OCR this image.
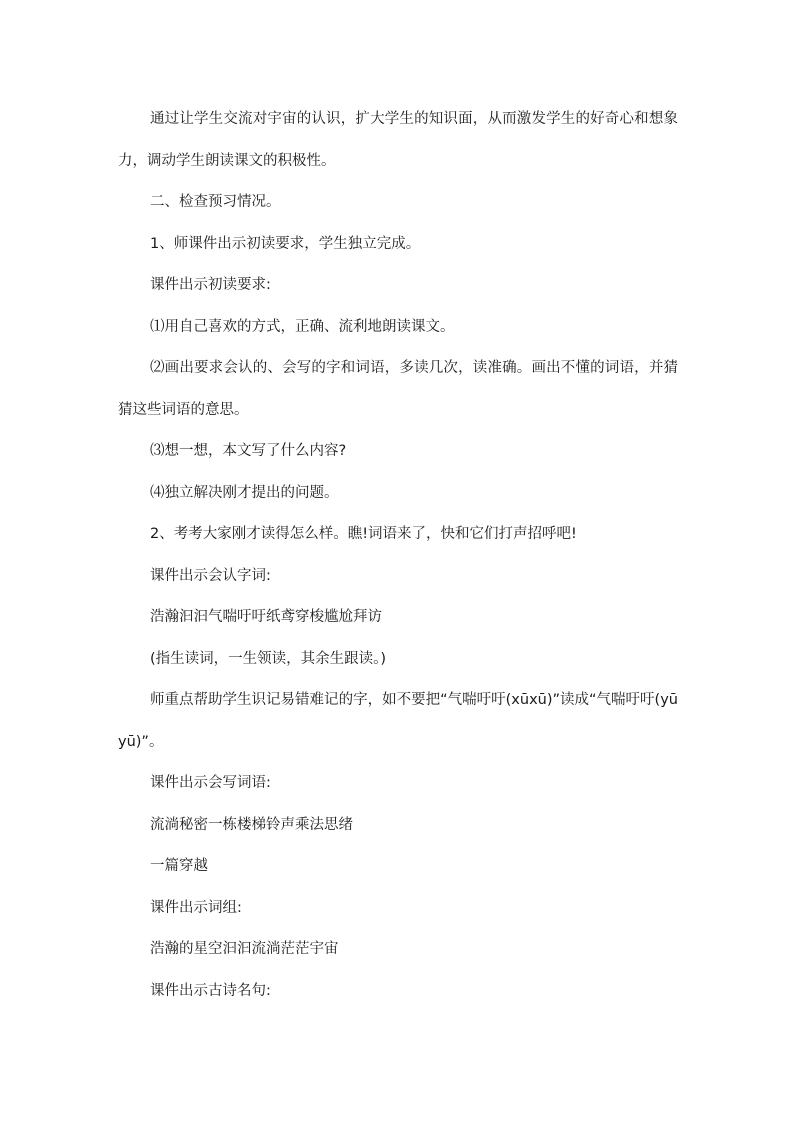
通过让学生交流对宇宙的认识，扩大学生的知识面，从而激发学生的好奇心和想象力，调动学生朗读课文的积极性。

二、检查预习情况。

1、师课件出示初读要求，学生独立完成。

课件出示初读要求:

⑴用自己喜欢的方式，正确、流利地朗读课文。

⑵画出要求会认的、会写的字和词语，多读几次，读准确。画出不懂的词语，并猜猜这些词语的意思。

⑶想一想，本文写了什么内容?

⑷独立解决刚才提出的问题。

2、考考大家刚才读得怎么样。瞧!词语来了，快和它们打声招呼吧!

课件出示会认字词:

浩瀚汩汩气喘吁吁纸鸢穿梭尴尬拜访

(指生读词，一生领读，其余生跟读。)

师重点帮助学生识记易错难记的字，如不要把“气喘吁吁(xūxū)”读成“气喘吁吁(yūyū)”。

课件出示会写词语:

流淌秘密一栋楼梯铃声乘法思绪

一篇穿越

课件出示词组:

浩瀚的星空汩汩流淌茫茫宇宙

课件出示古诗名句:
